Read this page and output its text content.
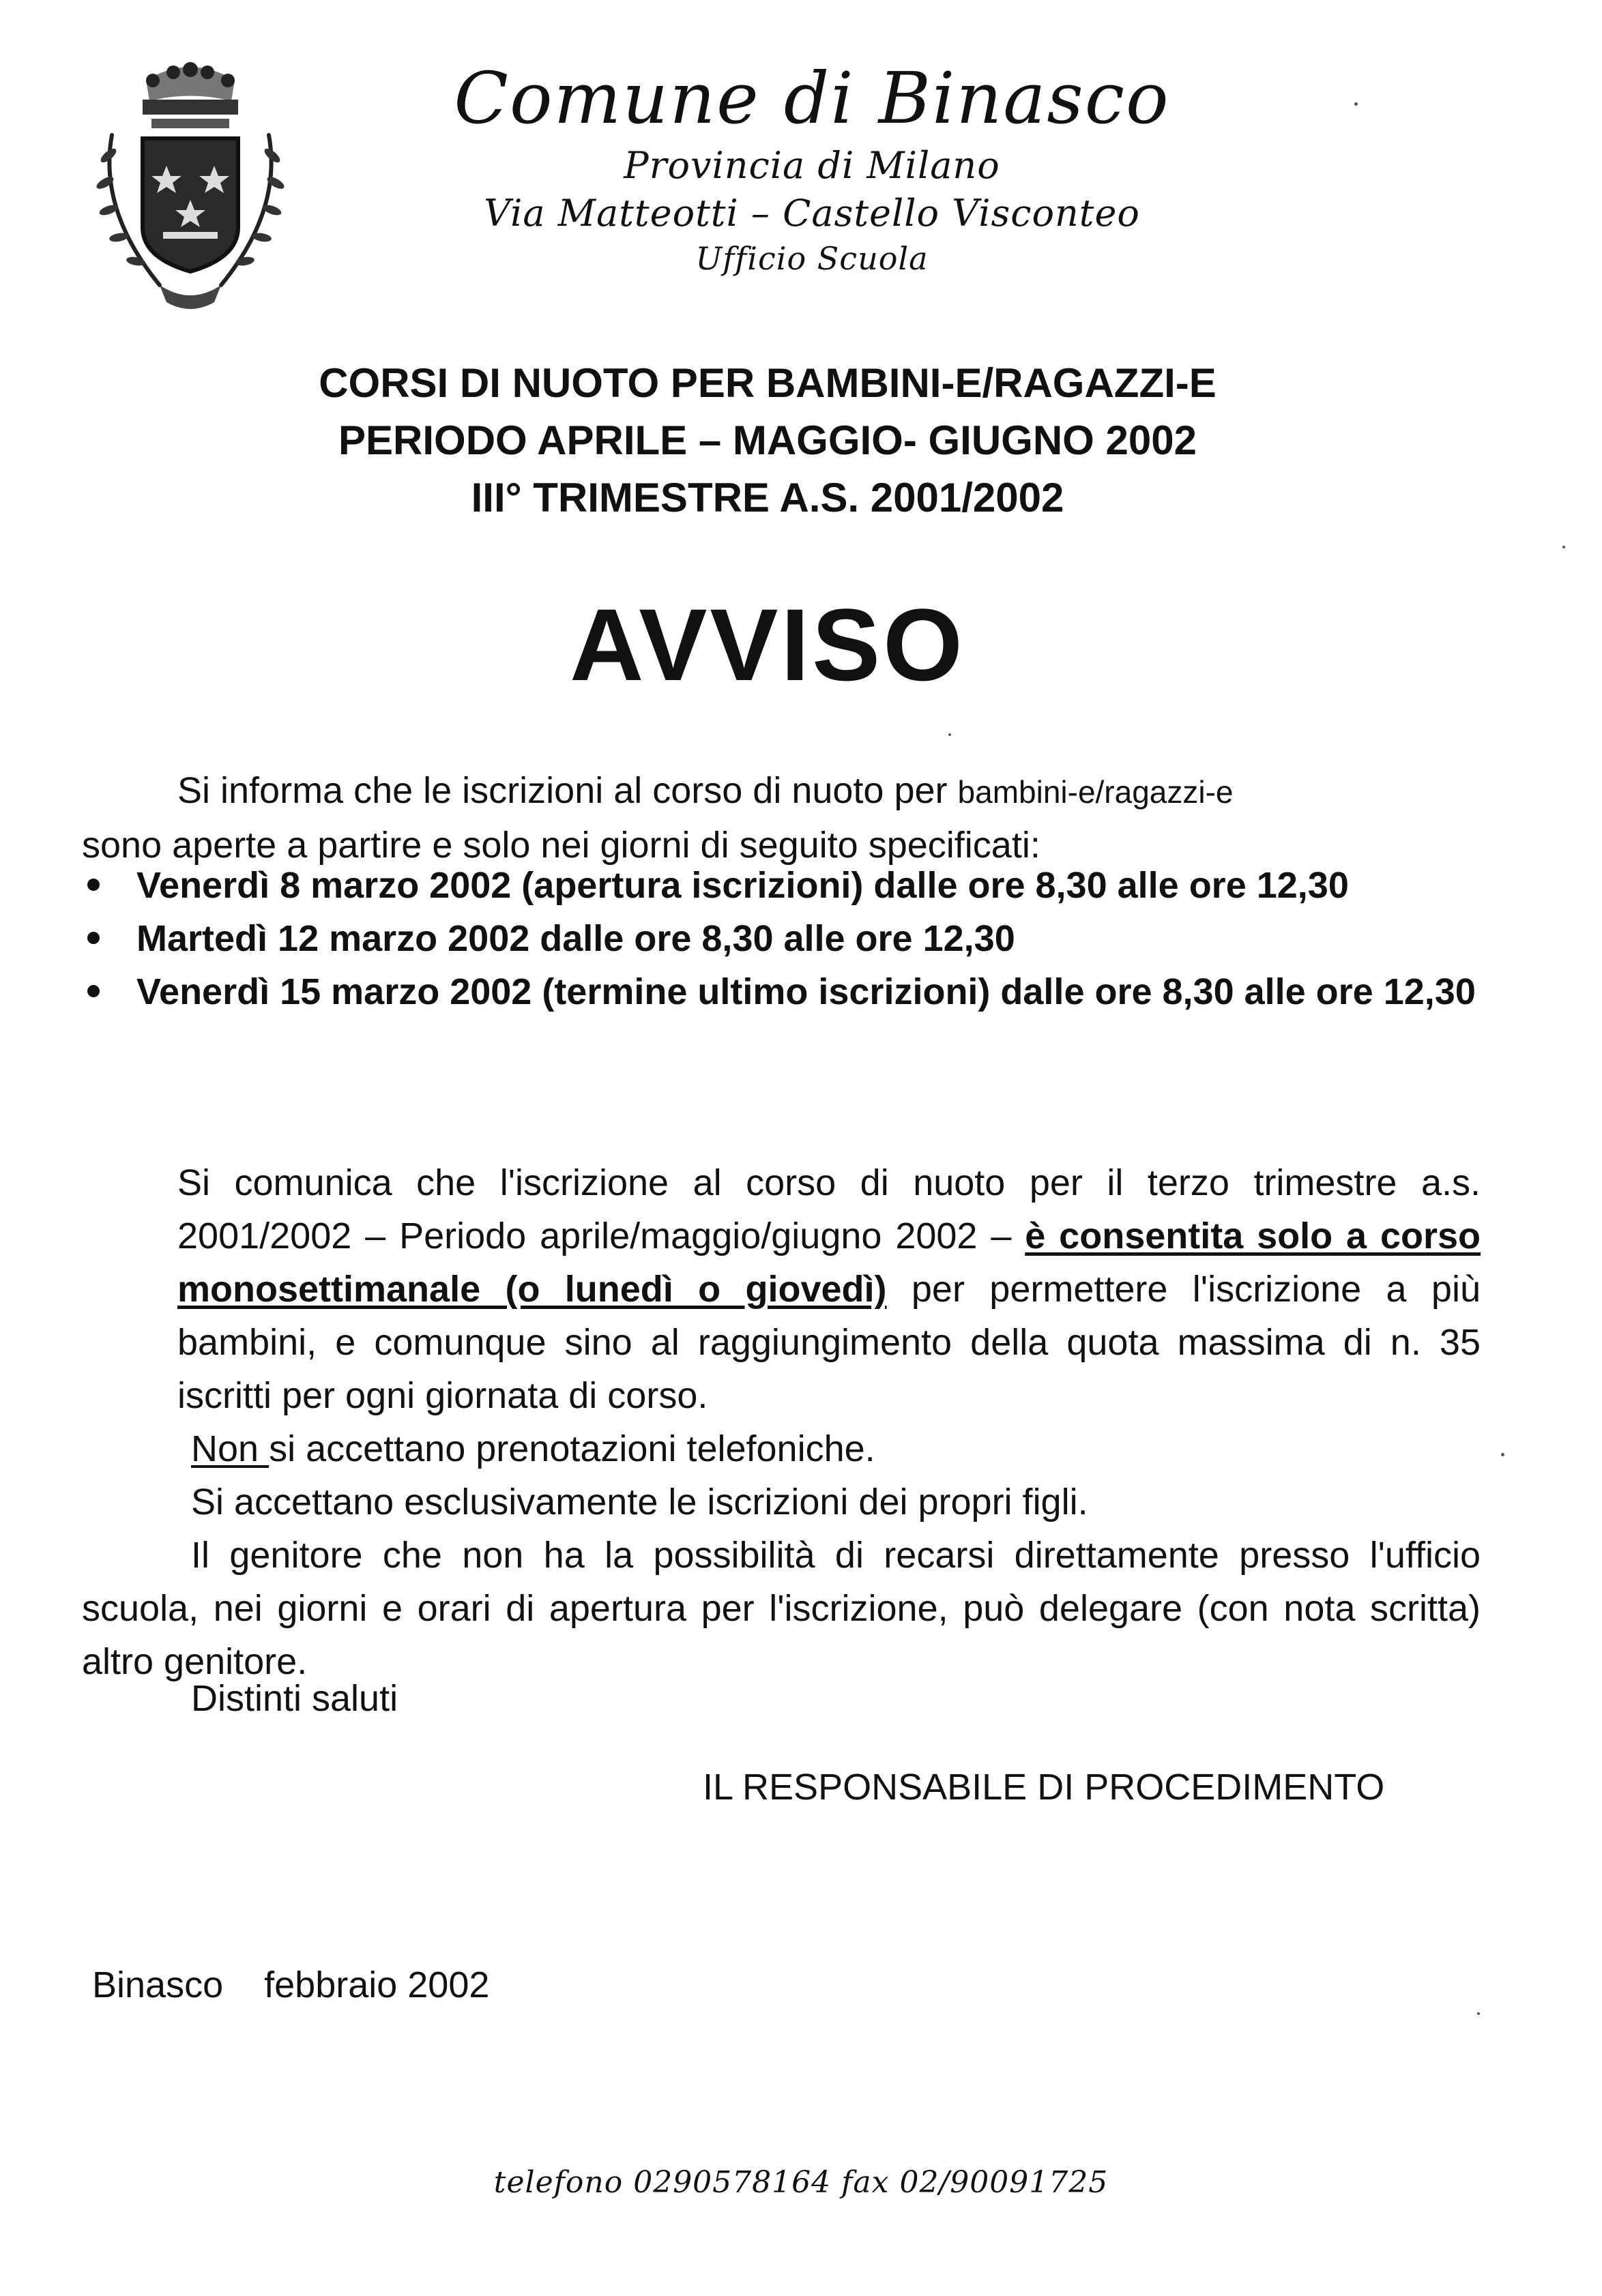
Comune di Binasco
Provincia di Milano
Via Matteotti – Castello Visconteo
Ufficio Scuola
CORSI DI NUOTO PER BAMBINI-E/RAGAZZI-E
PERIODO APRILE – MAGGIO- GIUGNO 2002
III° TRIMESTRE A.S. 2001/2002
AVVISO
Si informa che le iscrizioni al corso di nuoto per bambini-e/ragazzi-e
sono aperte a partire e solo nei giorni di seguito specificati:
Venerdì 8 marzo 2002 (apertura iscrizioni) dalle ore 8,30 alle ore 12,30
Martedì 12 marzo 2002 dalle ore 8,30 alle ore 12,30
Venerdì 15 marzo 2002 (termine ultimo iscrizioni) dalle ore 8,30 alle ore 12,30
Si comunica che l'iscrizione al corso di nuoto per il terzo trimestre a.s. 2001/2002 – Periodo aprile/maggio/giugno 2002 – è consentita solo a corso monosettimanale (o lunedì o giovedì) per permettere l'iscrizione a più bambini, e comunque sino al raggiungimento della quota massima di n. 35 iscritti per ogni giornata di corso.
Non si accettano prenotazioni telefoniche.
Si accettano esclusivamente le iscrizioni dei propri figli.
Il genitore che non ha la possibilità di recarsi direttamente presso l'ufficio scuola, nei giorni e orari di apertura per l'iscrizione, può delegare (con nota scritta) altro genitore.
Distinti saluti
IL RESPONSABILE DI PROCEDIMENTO
Binasco febbraio 2002
telefono 0290578164 fax 02/90091725
